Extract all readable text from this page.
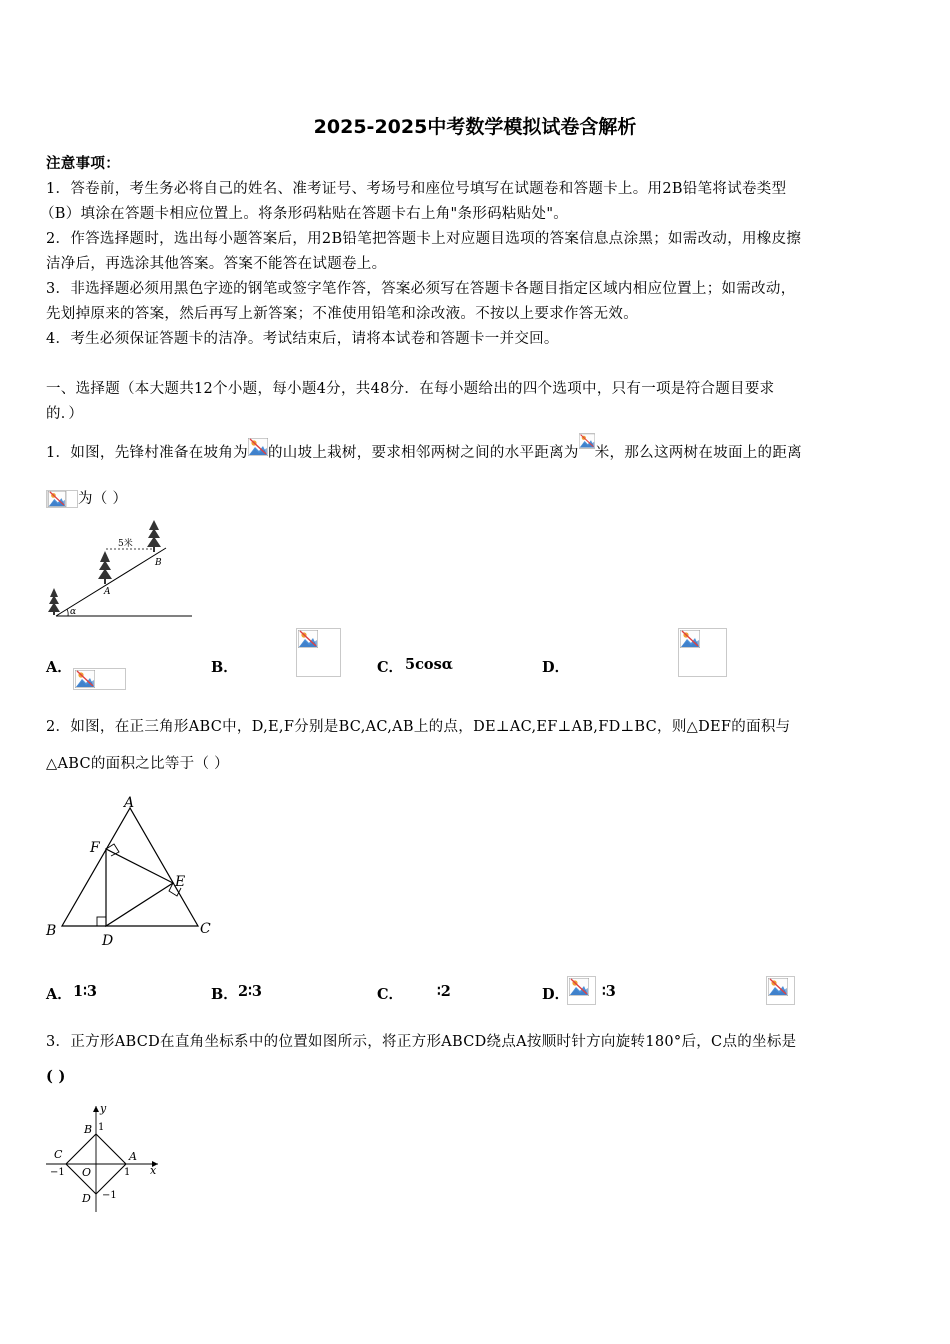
2025-2025中考数学模拟试卷含解析
注意事项：
1．答卷前，考生务必将自己的姓名、准考证号、考场号和座位号填写在试题卷和答题卡上。用2B铅笔将试卷类型
（B）填涂在答题卡相应位置上。将条形码粘贴在答题卡右上角"条形码粘贴处"。
2．作答选择题时，选出每小题答案后，用2B铅笔把答题卡上对应题目选项的答案信息点涂黑；如需改动，用橡皮擦
洁净后，再选涂其他答案。答案不能答在试题卷上。
3．非选择题必须用黑色字迹的钢笔或签字笔作答，答案必须写在答题卡各题目指定区域内相应位置上；如需改动，
先划掉原来的答案，然后再写上新答案；不准使用铅笔和涂改液。不按以上要求作答无效。
4．考生必须保证答题卡的洁净。考试结束后，请将本试卷和答题卡一并交回。
一、选择题（本大题共12个小题，每小题4分，共48分．在每小题给出的四个选项中，只有一项是符合题目要求
的．）
1．如图，先锋村准备在坡角为 的山坡上栽树，要求相邻两树之间的水平距离为 米，那么这两树在坡面上的距离
为（ ）
α
5米
A
B
A．
	B．
	C． 5cosα	D．

2．如图，在正三角形ABC中，D,E,F分别是BC,AC,AB上的点，DE⊥AC,EF⊥AB,FD⊥BC，则△DEF的面积与
△ABC的面积之比等于（ ）
A
B	C
D
E
F
A． 1∶3	B． 2∶3	C．
∶2	D． ∶3
3．正方形ABCD在直角坐标系中的位置如图所示，将正方形ABCD绕点A按顺时针方向旋转180°后，C点的坐标是
( )
y
x
O
A
B
C
D
1
1
−1
−1
